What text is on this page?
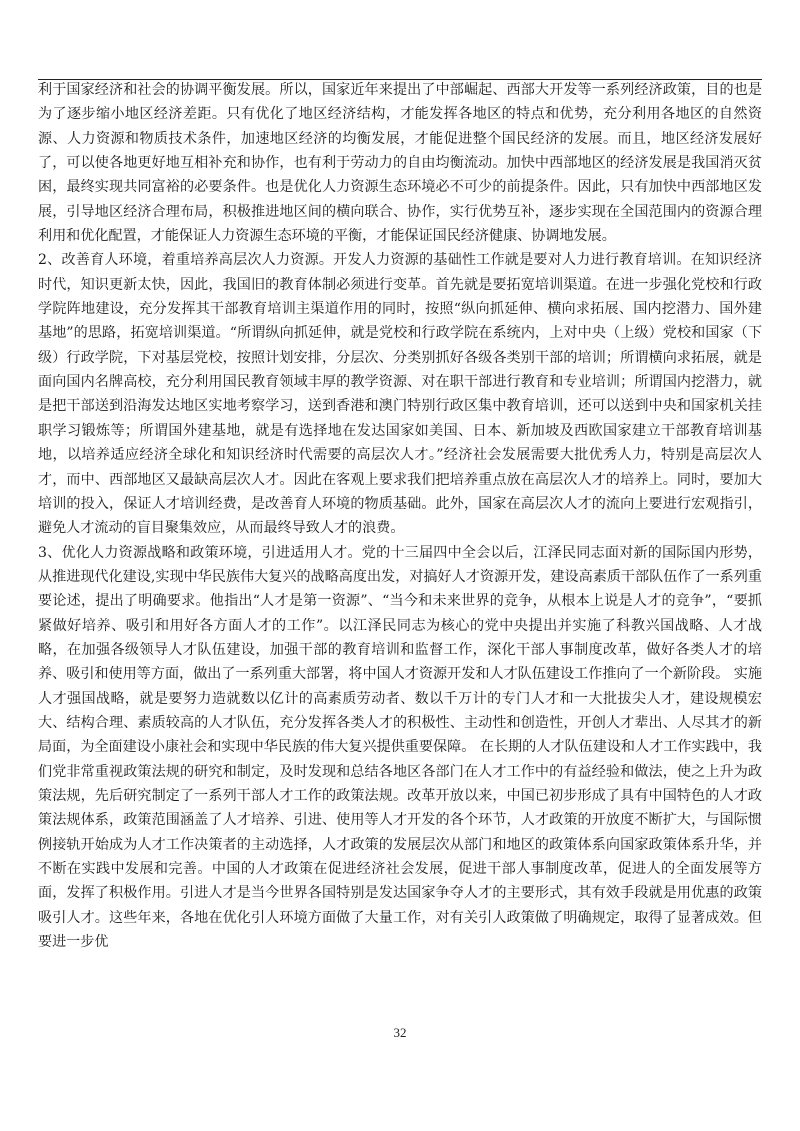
利于国家经济和社会的协调平衡发展。所以，国家近年来提出了中部崛起、西部大开发等一系列经济政策，目的也是为了逐步缩小地区经济差距。只有优化了地区经济结构，才能发挥各地区的特点和优势，充分利用各地区的自然资源、人力资源和物质技术条件，加速地区经济的均衡发展，才能促进整个国民经济的发展。而且，地区经济发展好了，可以使各地更好地互相补充和协作，也有利于劳动力的自由均衡流动。加快中西部地区的经济发展是我国消灭贫困，最终实现共同富裕的必要条件。也是优化人力资源生态环境必不可少的前提条件。因此，只有加快中西部地区发展，引导地区经济合理布局，积极推进地区间的横向联合、协作，实行优势互补，逐步实现在全国范围内的资源合理利用和优化配置，才能保证人力资源生态环境的平衡，才能保证国民经济健康、协调地发展。

2、改善育人环境，着重培养高层次人力资源。开发人力资源的基础性工作就是要对人力进行教育培训。在知识经济时代，知识更新太快，因此，我国旧的教育体制必须进行变革。首先就是要拓宽培训渠道。在进一步强化党校和行政学院阵地建设，充分发挥其干部教育培训主渠道作用的同时，按照“纵向抓延伸、横向求拓展、国内挖潜力、国外建基地”的思路，拓宽培训渠道。“所谓纵向抓延伸，就是党校和行政学院在系统内，上对中央（上级）党校和国家（下级）行政学院，下对基层党校，按照计划安排，分层次、分类别抓好各级各类别干部的培训；所谓横向求拓展，就是面向国内名牌高校，充分利用国民教育领域丰厚的教学资源、对在职干部进行教育和专业培训；所谓国内挖潜力，就是把干部送到沿海发达地区实地考察学习，送到香港和澳门特别行政区集中教育培训，还可以送到中央和国家机关挂职学习锻炼等；所谓国外建基地，就是有选择地在发达国家如美国、日本、新加坡及西欧国家建立干部教育培训基地，以培养适应经济全球化和知识经济时代需要的高层次人才。”经济社会发展需要大批优秀人力，特别是高层次人才，而中、西部地区又最缺高层次人才。因此在客观上要求我们把培养重点放在高层次人才的培养上。同时，要加大培训的投入，保证人才培训经费，是改善育人环境的物质基础。此外，国家在高层次人才的流向上要进行宏观指引，避免人才流动的盲目聚集效应，从而最终导致人才的浪费。

3、优化人力资源战略和政策环境，引进适用人才。党的十三届四中全会以后，江泽民同志面对新的国际国内形势，从推进现代化建设,实现中华民族伟大复兴的战略高度出发，对搞好人才资源开发，建设高素质干部队伍作了一系列重要论述，提出了明确要求。他指出“人才是第一资源”、“当今和未来世界的竞争，从根本上说是人才的竞争”，“要抓紧做好培养、吸引和用好各方面人才的工作”。以江泽民同志为核心的党中央提出并实施了科教兴国战略、人才战略，在加强各级领导人才队伍建设，加强干部的教育培训和监督工作，深化干部人事制度改革，做好各类人才的培养、吸引和使用等方面，做出了一系列重大部署，将中国人才资源开发和人才队伍建设工作推向了一个新阶段。 实施人才强国战略，就是要努力造就数以亿计的高素质劳动者、数以千万计的专门人才和一大批拔尖人才，建设规模宏大、结构合理、素质较高的人才队伍，充分发挥各类人才的积极性、主动性和创造性，开创人才辈出、人尽其才的新局面，为全面建设小康社会和实现中华民族的伟大复兴提供重要保障。 在长期的人才队伍建设和人才工作实践中，我们党非常重视政策法规的研究和制定，及时发现和总结各地区各部门在人才工作中的有益经验和做法，使之上升为政策法规，先后研究制定了一系列干部人才工作的政策法规。改革开放以来，中国已初步形成了具有中国特色的人才政策法规体系，政策范围涵盖了人才培养、引进、使用等人才开发的各个环节，人才政策的开放度不断扩大，与国际惯例接轨开始成为人才工作决策者的主动选择，人才政策的发展层次从部门和地区的政策体系向国家政策体系升华，并不断在实践中发展和完善。中国的人才政策在促进经济社会发展，促进干部人事制度改革，促进人的全面发展等方面，发挥了积极作用。引进人才是当今世界各国特别是发达国家争夺人才的主要形式，其有效手段就是用优惠的政策吸引人才。这些年来，各地在优化引人环境方面做了大量工作，对有关引人政策做了明确规定，取得了显著成效。但要进一步优

32
